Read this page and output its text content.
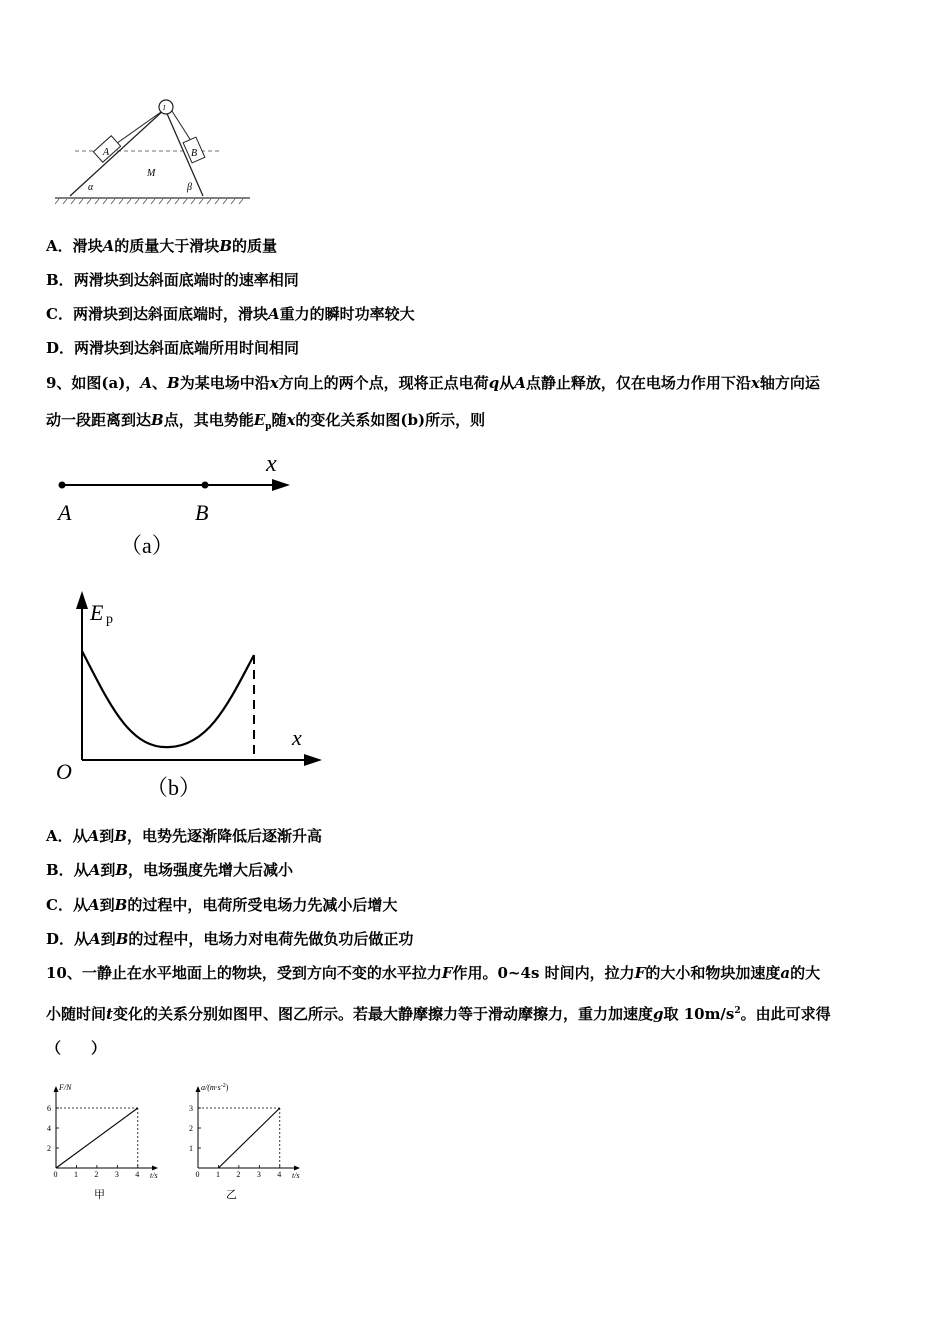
I
A	B
M
α	β
A．滑块A的质量大于滑块B的质量
B．两滑块到达斜面底端时的速率相同
C．两滑块到达斜面底端时，滑块A重力的瞬时功率较大
D．两滑块到达斜面底端所用时间相同
9、如图(a)，A、B为某电场中沿x方向上的两个点，现将正点电荷q从A点静止释放，仅在电场力作用下沿x轴方向运
动一段距离到达B点，其电势能$E_p$随x的变化关系如图(b)所示，则
x
A	B
（a）
E p
x
O
（b）
A．从A到B，电势先逐渐降低后逐渐升高
B．从A到B，电场强度先增大后减小
C．从A到B的过程中，电荷所受电场力先减小后增大
D．从A到B的过程中，电场力对电荷先做负功后做正功
10、一静止在水平地面上的物块，受到方向不变的水平拉力F作用。0~4s 时间内，拉力F的大小和物块加速度a的大
小随时间t变化的关系分别如图甲、图乙所示。若最大静摩擦力等于滑动摩擦力，重力加速度g取 $10m/s^2$。由此可求得
（　　）
0 1 2 3 4
2
4
6
F/N
t/s
甲
0 1 2 3 4
1
2
3
$a/(m\cdot s^{-2})$
t/s
乙
